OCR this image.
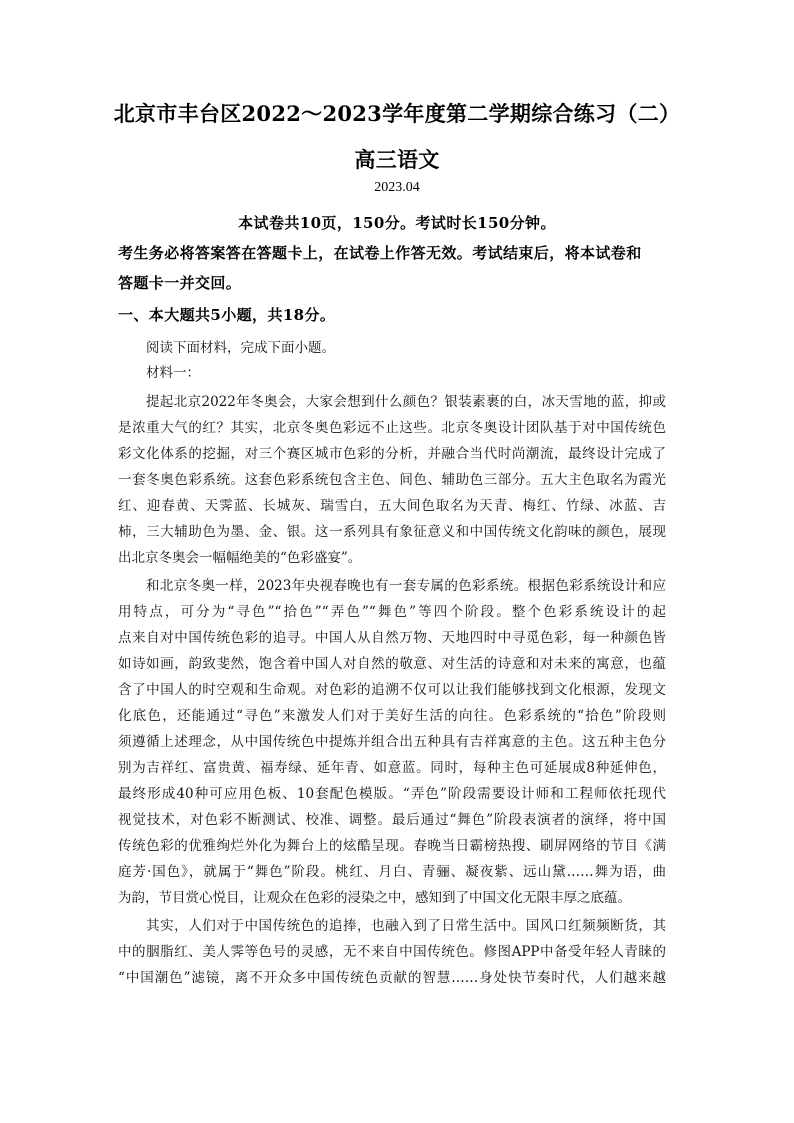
北京市丰台区2022～2023学年度第二学期综合练习（二）
高三语文
2023.04
本试卷共10页，150分。考试时长150分钟。
考生务必将答案答在答题卡上，在试卷上作答无效。考试结束后，将本试卷和
答题卡一并交回。
一、本大题共5小题，共18分。
阅读下面材料，完成下面小题。
材料一：
提起北京2022年冬奥会，大家会想到什么颜色？银装素裹的白，冰天雪地的蓝，抑或
是浓重大气的红？其实，北京冬奥色彩远不止这些。北京冬奥设计团队基于对中国传统色
彩文化体系的挖掘，对三个赛区城市色彩的分析，并融合当代时尚潮流，最终设计完成了
一套冬奥色彩系统。这套色彩系统包含主色、间色、辅助色三部分。五大主色取名为霞光
红、迎春黄、天霁蓝、长城灰、瑞雪白，五大间色取名为天青、梅红、竹绿、冰蓝、吉
柿，三大辅助色为墨、金、银。这一系列具有象征意义和中国传统文化韵味的颜色，展现
出北京冬奥会一幅幅绝美的“色彩盛宴”。
和北京冬奥一样，2023年央视春晚也有一套专属的色彩系统。根据色彩系统设计和应
用特点，可分为“寻色”“拾色”“弄色”“舞色”等四个阶段。整个色彩系统设计的起
点来自对中国传统色彩的追寻。中国人从自然万物、天地四时中寻觅色彩，每一种颜色皆
如诗如画，韵致斐然，饱含着中国人对自然的敬意、对生活的诗意和对未来的寓意，也蕴
含了中国人的时空观和生命观。对色彩的追溯不仅可以让我们能够找到文化根源，发现文
化底色，还能通过“寻色”来激发人们对于美好生活的向往。色彩系统的“拾色”阶段则
须遵循上述理念，从中国传统色中提炼并组合出五种具有吉祥寓意的主色。这五种主色分
别为吉祥红、富贵黄、福寿绿、延年青、如意蓝。同时，每种主色可延展成8种延伸色，
最终形成40种可应用色板、10套配色模版。“弄色”阶段需要设计师和工程师依托现代
视觉技术，对色彩不断测试、校准、调整。最后通过“舞色”阶段表演者的演绎，将中国
传统色彩的优雅绚烂外化为舞台上的炫酷呈现。春晚当日霸榜热搜、刷屏网络的节目《满
庭芳·国色》，就属于“舞色”阶段。桃红、月白、青骊、凝夜紫、远山黛……舞为语，曲
为韵，节目赏心悦目，让观众在色彩的浸染之中，感知到了中国文化无限丰厚之底蕴。
其实，人们对于中国传统色的追捧，也融入到了日常生活中。国风口红频频断货，其
中的胭脂红、美人霁等色号的灵感，无不来自中国传统色。修图APP中备受年轻人青睐的
“中国潮色”滤镜，离不开众多中国传统色贡献的智慧……身处快节奏时代，人们越来越
